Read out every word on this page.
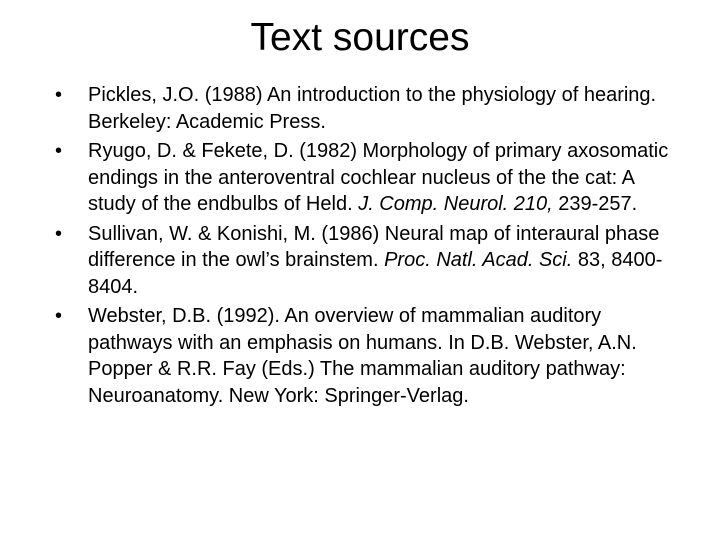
Text sources
•	Pickles, J.O. (1988) An introduction to the physiology of hearing. Berkeley: Academic Press.
•	Ryugo, D. & Fekete, D. (1982) Morphology of primary axosomatic endings in the anteroventral cochlear nucleus of the the cat: A study of the endbulbs of Held. J. Comp. Neurol. 210, 239-257.
•	Sullivan, W. & Konishi, M. (1986) Neural map of interaural phase difference in the owl’s brainstem. Proc. Natl. Acad. Sci. 83, 8400-8404.
•	Webster, D.B. (1992). An overview of mammalian auditory pathways with an emphasis on humans. In D.B. Webster, A.N. Popper & R.R. Fay (Eds.) The mammalian auditory pathway: Neuroanatomy. New York: Springer-Verlag.
